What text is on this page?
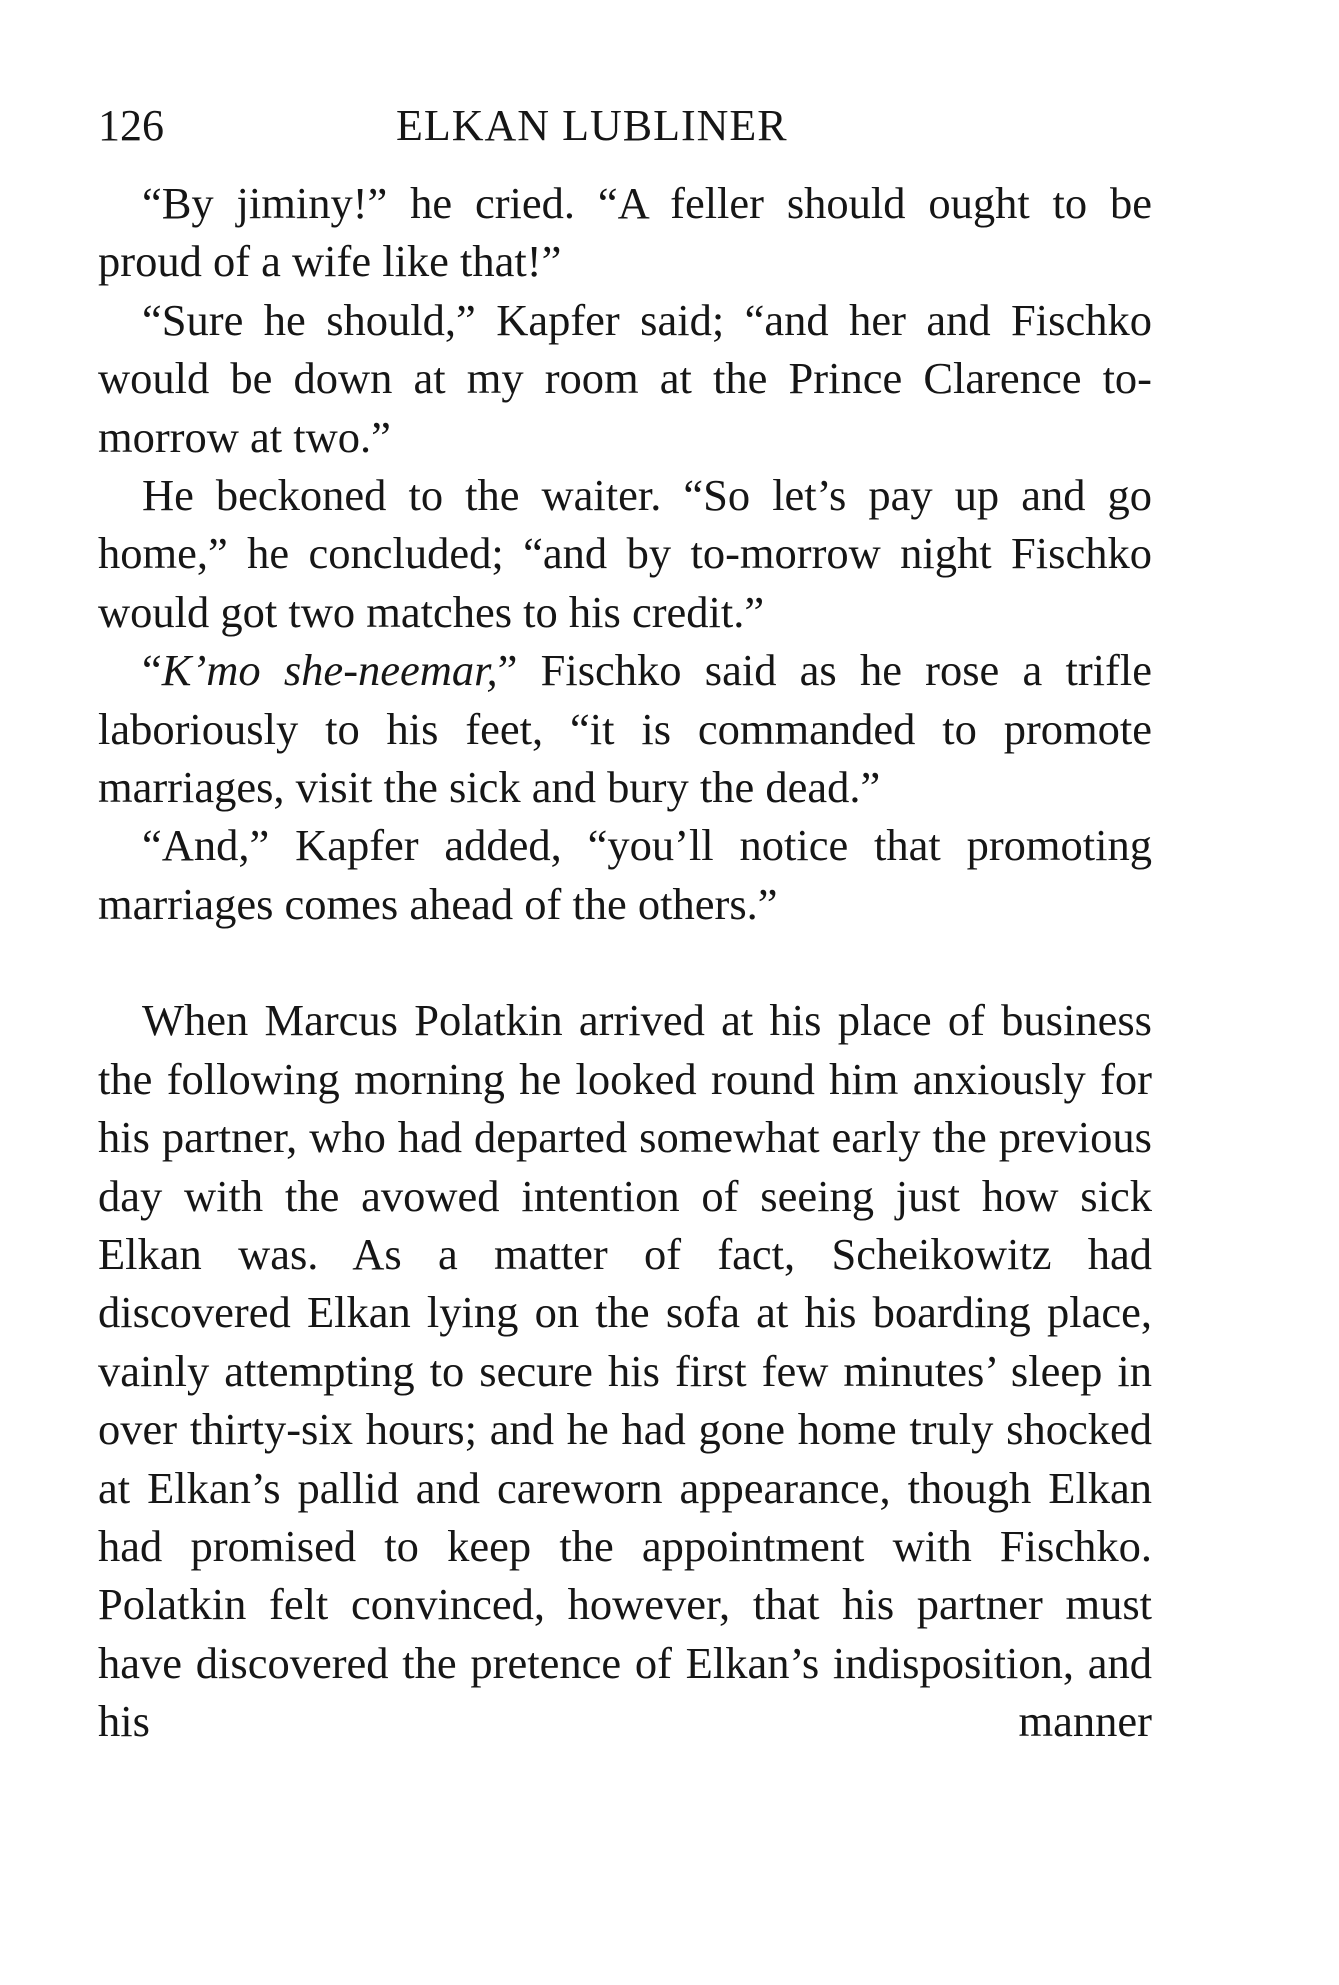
126	ELKAN LUBLINER

“By jiminy!” he cried. “A feller should ought to be proud of a wife like that!”

“Sure he should,” Kapfer said; “and her and Fischko would be down at my room at the Prince Clarence to-morrow at two.”

He beckoned to the waiter. “So let’s pay up and go home,” he concluded; “and by to-morrow night Fischko would got two matches to his credit.”

“K’mo she-neemar,” Fischko said as he rose a trifle laboriously to his feet, “it is commanded to promote marriages, visit the sick and bury the dead.”

“And,” Kapfer added, “you’ll notice that promoting marriages comes ahead of the others.”

When Marcus Polatkin arrived at his place of business the following morning he looked round him anxiously for his partner, who had departed somewhat early the previous day with the avowed intention of seeing just how sick Elkan was. As a matter of fact, Scheikowitz had discovered Elkan lying on the sofa at his boarding place, vainly attempting to secure his first few minutes’ sleep in over thirty-six hours; and he had gone home truly shocked at Elkan’s pallid and careworn appearance, though Elkan had promised to keep the appointment with Fischko. Polatkin felt convinced, however, that his partner must have discovered the pretence of Elkan’s indisposition, and his manner
